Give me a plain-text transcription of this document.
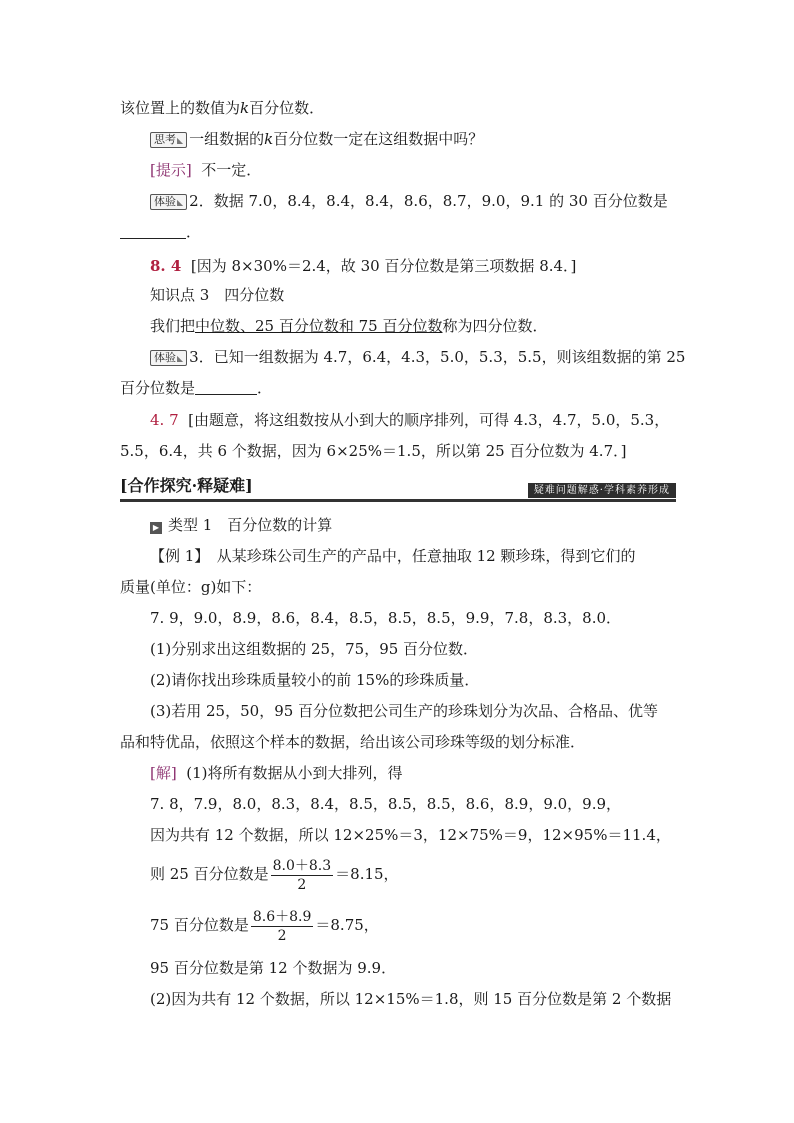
该位置上的数值为k百分位数．
思考 ◣ 一组数据的k百分位数一定在这组数据中吗？
[提示] 不一定．
体验 ◣ 2．数据 7.0，8.4，8.4，8.4，8.6，8.7，9.0，9.1 的 30 百分位数是
．
8. 4 [因为 8×30%＝2.4，故 30 百分位数是第三项数据 8.4．]
知识点 3　四分位数
我们把中位数、25 百分位数和 75 百分位数称为四分位数．
体验 ◣ 3．已知一组数据为 4.7，6.4，4.3，5.0，5.3，5.5，则该组数据的第 25
百分位数是	．
4. 7 [由题意，将这组数按从小到大的顺序排列，可得 4.3，4.7，5.0，5.3，
5.5，6.4，共 6 个数据，因为 6×25%＝1.5，所以第 25 百分位数为 4.7．]
[合作探究·释疑难]	疑难问题解惑·学科素养形成
▶ 类型 1　百分位数的计算
【例 1】　从某珍珠公司生产的产品中，任意抽取 12 颗珍珠，得到它们的
质量(单位：g)如下：
7. 9，9.0，8.9，8.6，8.4，8.5，8.5，8.5，9.9，7.8，8.3，8.0．
(1)分别求出这组数据的 25，75，95 百分位数．
(2)请你找出珍珠质量较小的前 15%的珍珠质量．
(3)若用 25，50，95 百分位数把公司生产的珍珠划分为次品、合格品、优等
品和特优品，依照这个样本的数据，给出该公司珍珠等级的划分标准．
[解] (1)将所有数据从小到大排列，得
7. 8，7.9，8.0，8.3，8.4，8.5，8.5，8.5，8.6，8.9，9.0，9.9，
因为共有 12 个数据，所以 12×25%＝3，12×75%＝9，12×95%＝11.4，
则 25 百分位数是 $\frac{8.0+8.3}{2} =8.15$，
75 百分位数是 $\frac{8.6+8.9}{2} =8.75$，
95 百分位数是第 12 个数据为 9.9．
(2)因为共有 12 个数据，所以 12×15%＝1.8，则 15 百分位数是第 2 个数据
